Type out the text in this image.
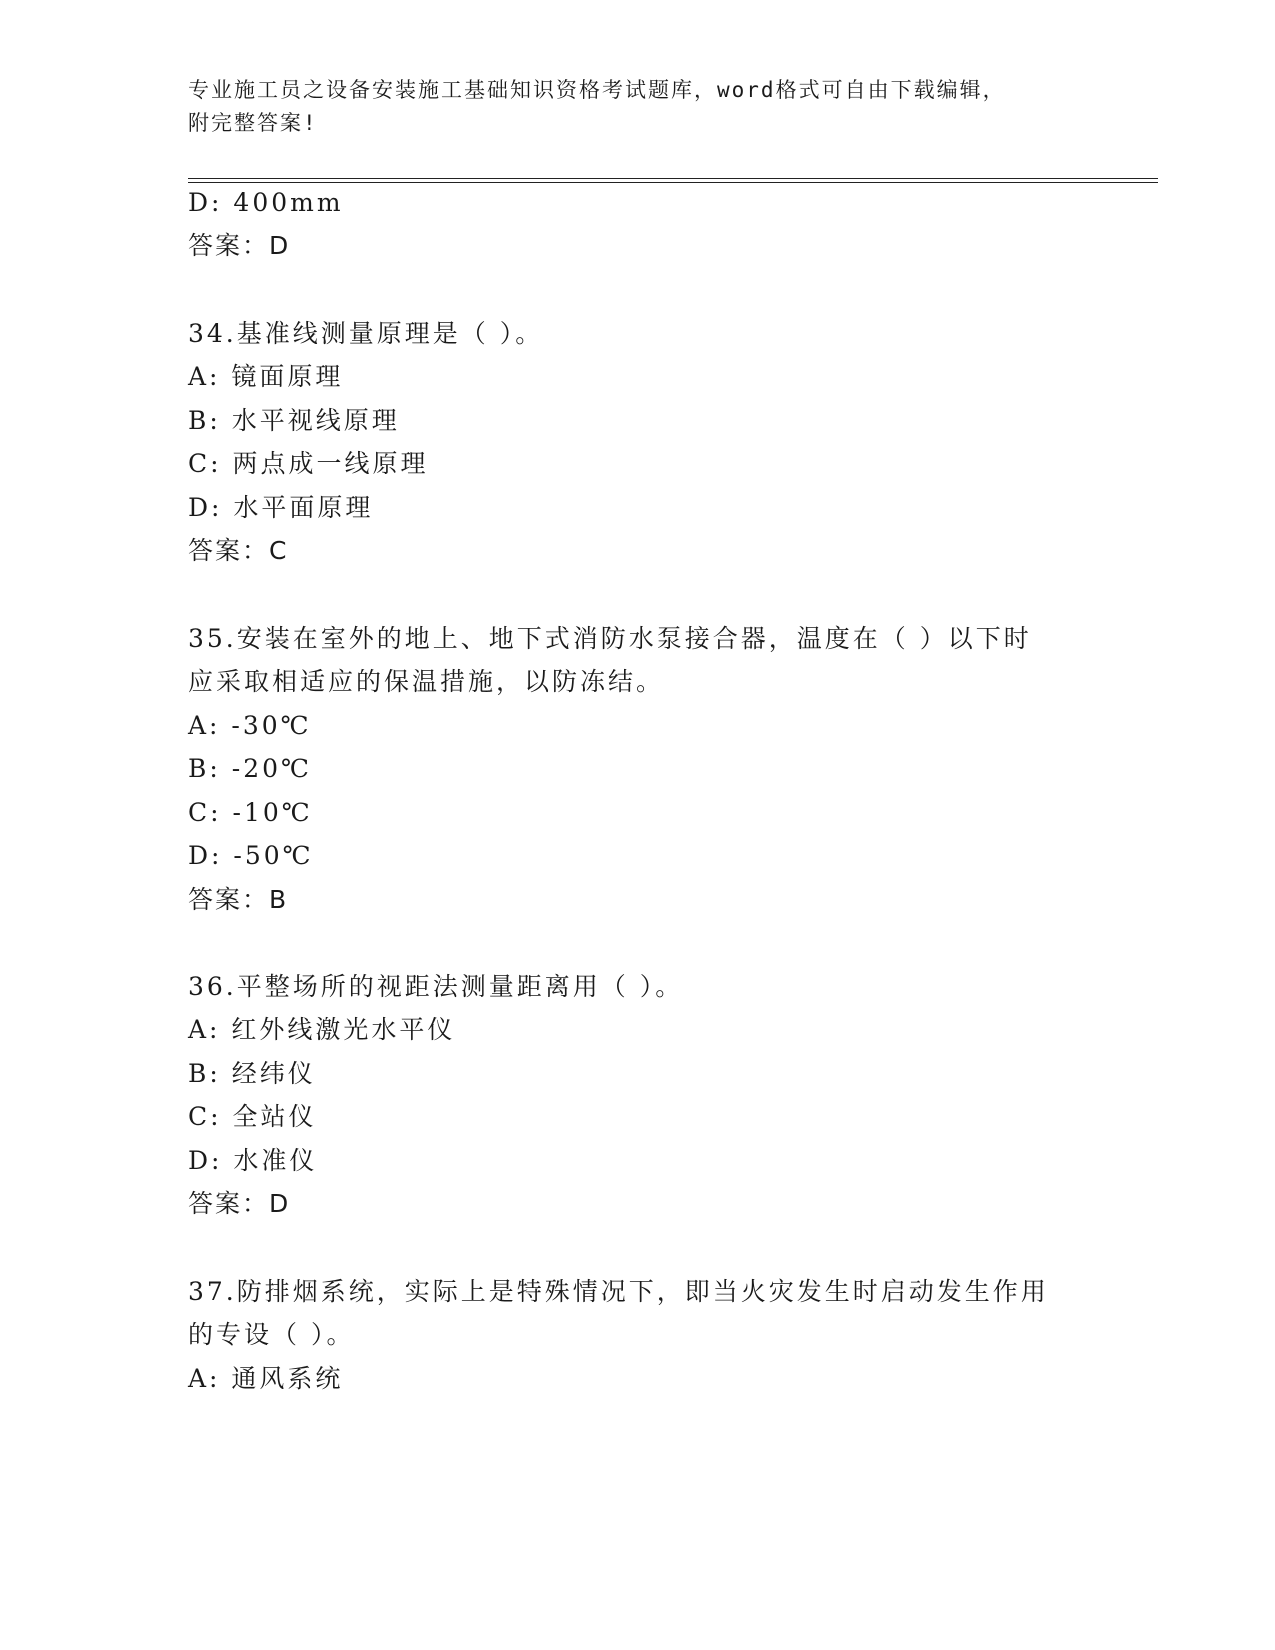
专业施工员之设备安装施工基础知识资格考试题库，word格式可自由下载编辑，
附完整答案!
D: 400mm
答案：D
34.基准线测量原理是（ ）。
A: 镜面原理
B: 水平视线原理
C: 两点成一线原理
D: 水平面原理
答案：C
35.安装在室外的地上、地下式消防水泵接合器，温度在（ ）以下时
应采取相适应的保温措施，以防冻结。
A: -30℃
B: -20℃
C: -10℃
D: -50℃
答案：B
36.平整场所的视距法测量距离用（ ）。
A: 红外线激光水平仪
B: 经纬仪
C: 全站仪
D: 水准仪
答案：D
37.防排烟系统，实际上是特殊情况下，即当火灾发生时启动发生作用
的专设（ ）。
A: 通风系统
